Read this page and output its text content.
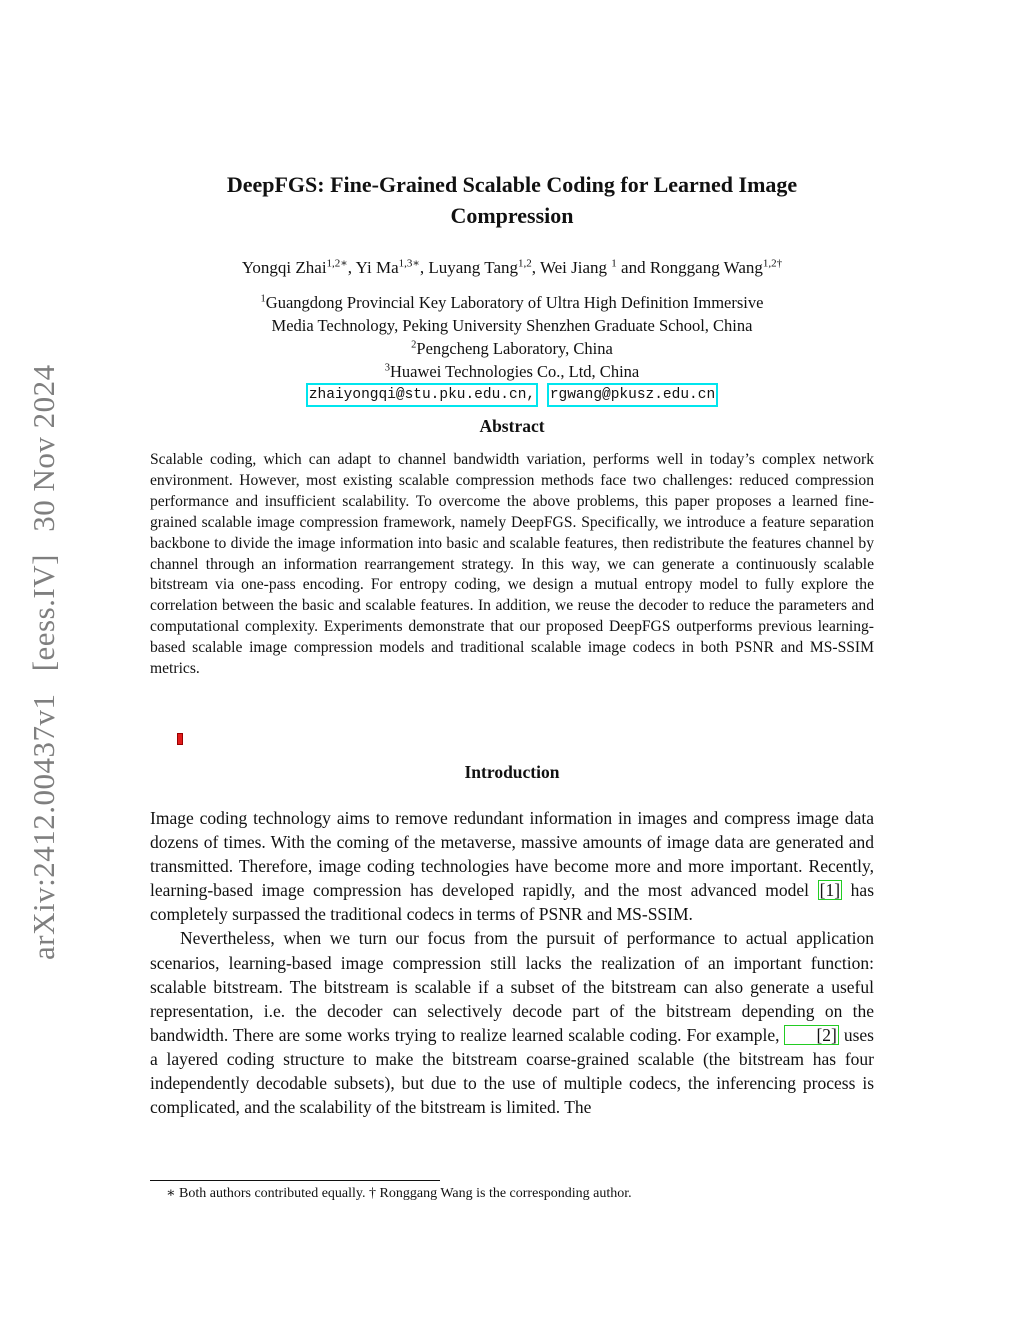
arXiv:2412.00437v1 [eess.IV] 30 Nov 2024
DeepFGS: Fine-Grained Scalable Coding for Learned Image
Compression
Yongqi Zhai$^{1,2∗}$, Yi $Ma^{1,3∗}$, Luyang Tang$^{1,2}$, Wei Jiang $^1$ and Ronggang Wang$^{1,2\dagger}$
$^1$Guangdong Provincial Key Laboratory of Ultra High Definition Immersive
Media Technology, Peking University Shenzhen Graduate School, China
$^2$Pengcheng Laboratory, China
$^3$Huawei Technologies Co., Ltd, China
zhaiyongqi@stu.pku.edu.cn, rgwang@pkusz.edu.cn
Abstract
Scalable coding, which can adapt to channel bandwidth variation, performs well in today’s complex network environment. However, most existing scalable compression methods face two challenges: reduced compression performance and insufficient scalability. To overcome the above problems, this paper proposes a learned fine-grained scalable image compression framework, namely DeepFGS. Specifically, we introduce a feature separation backbone to divide the image information into basic and scalable features, then redistribute the features channel by channel through an information rearrangement strategy. In this way, we can generate a continuously scalable bitstream via one-pass encoding. For entropy coding, we design a mutual entropy model to fully explore the correlation between the basic and scalable features. In addition, we reuse the decoder to reduce the parameters and computational complexity. Experiments demonstrate that our proposed DeepFGS outperforms previous learning-based scalable image compression models and traditional scalable image codecs in both PSNR and MS-SSIM metrics.
Introduction

Image coding technology aims to remove redundant information in images and compress image data dozens of times. With the coming of the metaverse, massive amounts of image data are generated and transmitted. Therefore, image coding technologies have become more and more important. Recently, learning-based image compression has developed rapidly, and the most advanced model [1] has completely surpassed the traditional codecs in terms of PSNR and MS-SSIM.

Nevertheless, when we turn our focus from the pursuit of performance to actual application scenarios, learning-based image compression still lacks the realization of an important function: scalable bitstream. The bitstream is scalable if a subset of the bitstream can also generate a useful representation, i.e. the decoder can selectively decode part of the bitstream depending on the bandwidth. There are some works trying to realize learned scalable coding. For example, [2] uses a layered coding structure to make the bitstream coarse-grained scalable (the bitstream has four independently decodable subsets), but due to the use of multiple codecs, the inferencing process is complicated, and the scalability of the bitstream is limited. The

∗ Both authors contributed equally. † Ronggang Wang is the corresponding author.
